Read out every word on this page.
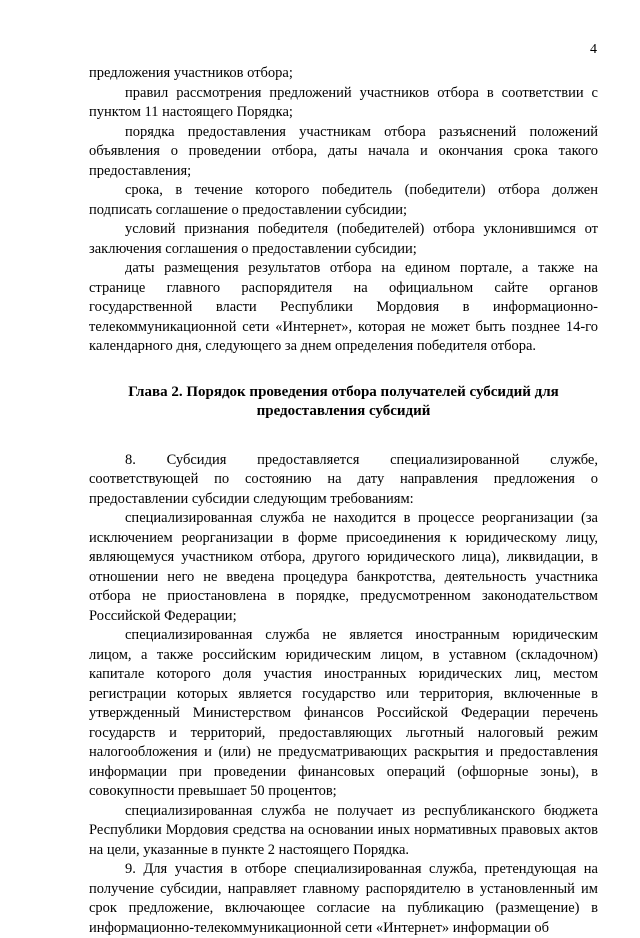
4

предложения участников отбора;

правил рассмотрения предложений участников отбора в соответствии с пунктом 11 настоящего Порядка;

порядка предоставления участникам отбора разъяснений положений объявления о проведении отбора, даты начала и окончания срока такого предоставления;

срока, в течение которого победитель (победители) отбора должен подписать соглашение о предоставлении субсидии;

условий признания победителя (победителей) отбора уклонившимся от заключения соглашения о предоставлении субсидии;

даты размещения результатов отбора на едином портале, а также на странице главного распорядителя на официальном сайте органов государственной власти Республики Мордовия в информационно-телекоммуникационной сети «Интернет», которая не может быть позднее 14-го календарного дня, следующего за днем определения победителя отбора.

Глава 2. Порядок проведения отбора получателей субсидий для предоставления субсидий

8. Субсидия предоставляется специализированной службе, соответствующей по состоянию на дату направления предложения о предоставлении субсидии следующим требованиям:

специализированная служба не находится в процессе реорганизации (за исключением реорганизации в форме присоединения к юридическому лицу, являющемуся участником отбора, другого юридического лица), ликвидации, в отношении него не введена процедура банкротства, деятельность участника отбора не приостановлена в порядке, предусмотренном законодательством Российской Федерации;

специализированная служба не является иностранным юридическим лицом, а также российским юридическим лицом, в уставном (складочном) капитале которого доля участия иностранных юридических лиц, местом регистрации которых является государство или территория, включенные в утвержденный Министерством финансов Российской Федерации перечень государств и территорий, предоставляющих льготный налоговый режим налогообложения и (или) не предусматривающих раскрытия и предоставления информации при проведении финансовых операций (офшорные зоны), в совокупности превышает 50 процентов;

специализированная служба не получает из республиканского бюджета Республики Мордовия средства на основании иных нормативных правовых актов на цели, указанные в пункте 2 настоящего Порядка.

9. Для участия в отборе специализированная служба, претендующая на получение субсидии, направляет главному распорядителю в установленный им срок предложение, включающее согласие на публикацию (размещение) в информационно-телекоммуникационной сети «Интернет» информации об
